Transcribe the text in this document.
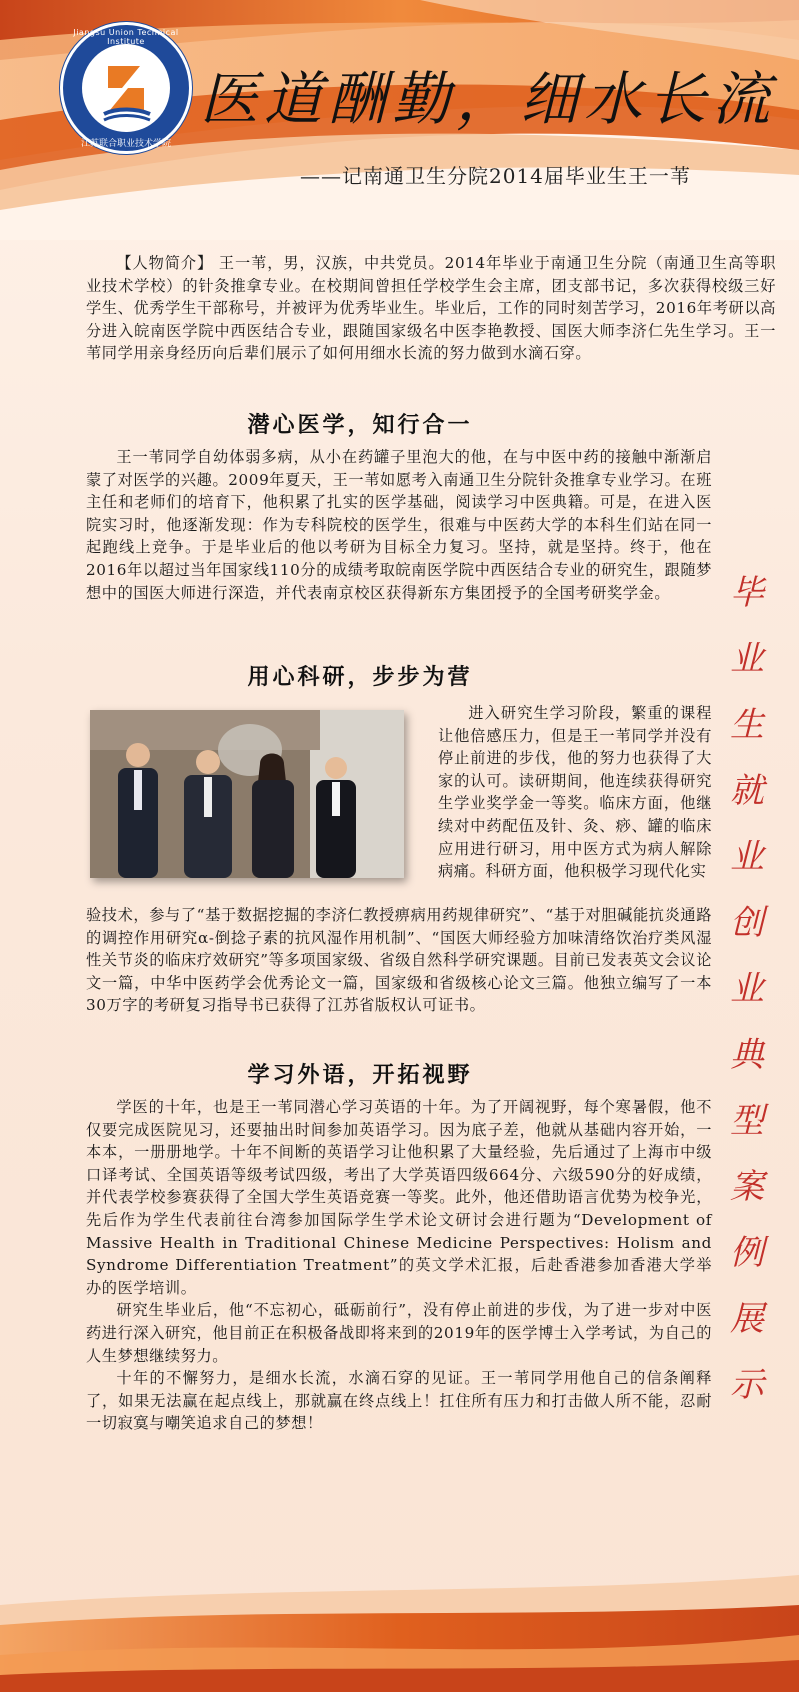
Jiangsu Union Technical Institute
江苏联合职业技术学院
医道酬勤，细水长流
——记南通卫生分院2014届毕业生王一苇
【人物简介】 王一苇，男，汉族，中共党员。2014年毕业于南通卫生分院（南通卫生高等职业技术学校）的针灸推拿专业。在校期间曾担任学校学生会主席，团支部书记，多次获得校级三好学生、优秀学生干部称号，并被评为优秀毕业生。毕业后，工作的同时刻苦学习，2016年考研以高分进入皖南医学院中西医结合专业，跟随国家级名中医李艳教授、国医大师李济仁先生学习。王一苇同学用亲身经历向后辈们展示了如何用细水长流的努力做到水滴石穿。
潜心医学，知行合一
王一苇同学自幼体弱多病，从小在药罐子里泡大的他，在与中医中药的接触中渐渐启蒙了对医学的兴趣。2009年夏天，王一苇如愿考入南通卫生分院针灸推拿专业学习。在班主任和老师们的培育下，他积累了扎实的医学基础，阅读学习中医典籍。可是，在进入医院实习时，他逐渐发现：作为专科院校的医学生，很难与中医药大学的本科生们站在同一起跑线上竞争。于是毕业后的他以考研为目标全力复习。坚持，就是坚持。终于，他在2016年以超过当年国家线110分的成绩考取皖南医学院中西医结合专业的研究生，跟随梦想中的国医大师进行深造，并代表南京校区获得新东方集团授予的全国考研奖学金。
用心科研，步步为营
进入研究生学习阶段，繁重的课程让他倍感压力，但是王一苇同学并没有停止前进的步伐，他的努力也获得了大家的认可。读研期间，他连续获得研究生学业奖学金一等奖。临床方面，他继续对中药配伍及针、灸、痧、罐的临床应用进行研习，用中医方式为病人解除病痛。科研方面，他积极学习现代化实
验技术，参与了“基于数据挖掘的李济仁教授痹病用药规律研究”、“基于对胆碱能抗炎通路的调控作用研究α-倒捻子素的抗风湿作用机制”、“国医大师经验方加味清络饮治疗类风湿性关节炎的临床疗效研究”等多项国家级、省级自然科学研究课题。目前已发表英文会议论文一篇，中华中医药学会优秀论文一篇，国家级和省级核心论文三篇。他独立编写了一本30万字的考研复习指导书已获得了江苏省版权认可证书。
学习外语，开拓视野
学医的十年，也是王一苇同潜心学习英语的十年。为了开阔视野，每个寒暑假，他不仅要完成医院见习，还要抽出时间参加英语学习。因为底子差，他就从基础内容开始，一本本，一册册地学。十年不间断的英语学习让他积累了大量经验，先后通过了上海市中级口译考试、全国英语等级考试四级，考出了大学英语四级664分、六级590分的好成绩，并代表学校参赛获得了全国大学生英语竞赛一等奖。此外，他还借助语言优势为校争光，先后作为学生代表前往台湾参加国际学生学术论文研讨会进行题为“Development of Massive Health in Traditional Chinese Medicine Perspectives: Holism and Syndrome Differentiation Treatment”的英文学术汇报，后赴香港参加香港大学举办的医学培训。
研究生毕业后，他“不忘初心，砥砺前行”，没有停止前进的步伐，为了进一步对中医药进行深入研究，他目前正在积极备战即将来到的2019年的医学博士入学考试，为自己的人生梦想继续努力。
十年的不懈努力，是细水长流，水滴石穿的见证。王一苇同学用他自己的信条阐释了，如果无法赢在起点线上，那就赢在终点线上！扛住所有压力和打击做人所不能，忍耐一切寂寞与嘲笑追求自己的梦想！
毕
业
生
就
业
创
业
典
型
案
例
展
示
